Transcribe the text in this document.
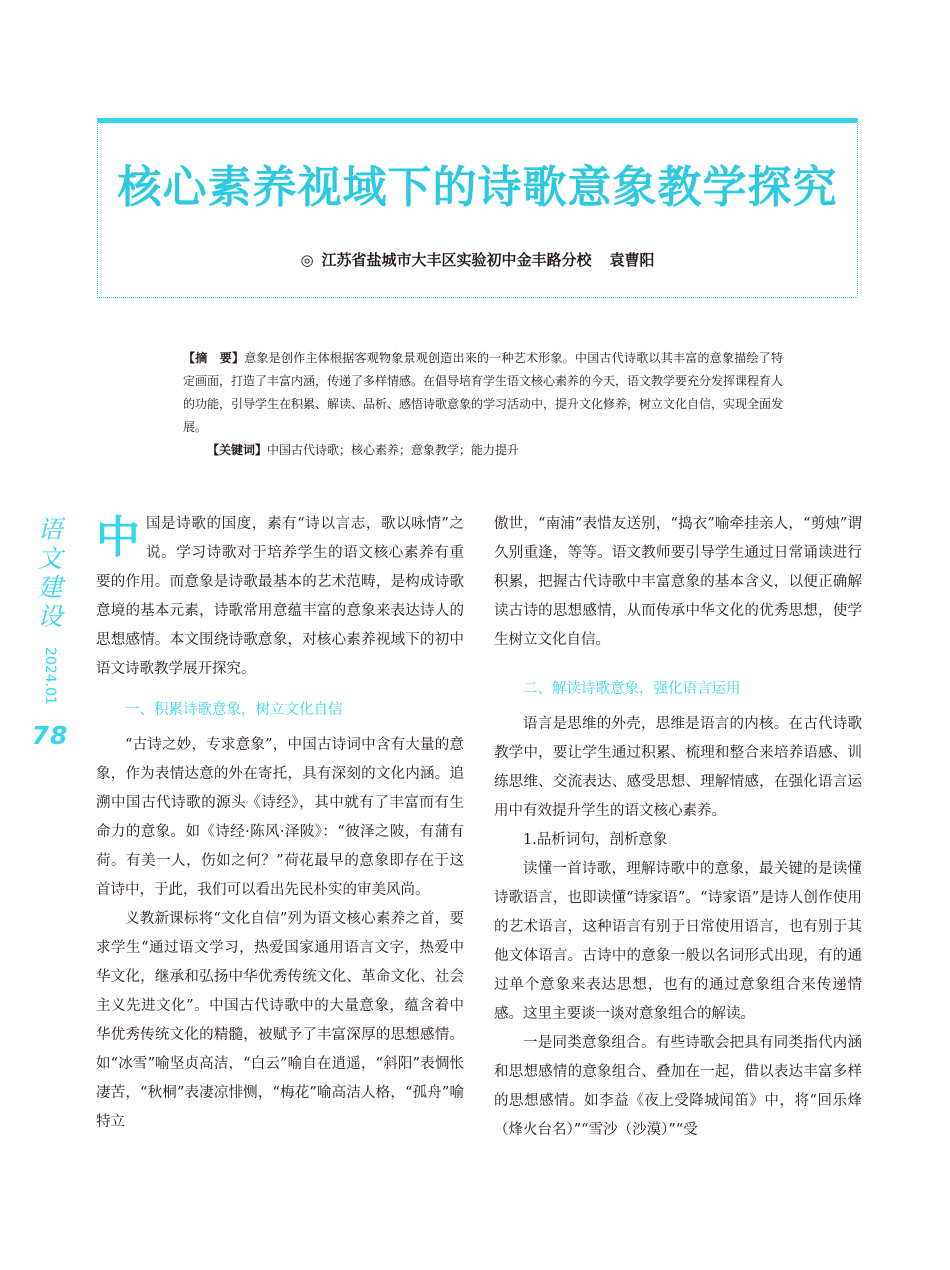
核心素养视域下的诗歌意象教学探究
◎ 江苏省盐城市大丰区实验初中金丰路分校 袁曹阳

【摘　要】意象是创作主体根据客观物象景观创造出来的一种艺术形象。中国古代诗歌以其丰富的意象描绘了特定画面，打造了丰富内涵，传递了多样情感。在倡导培育学生语文核心素养的今天，语文教学要充分发挥课程育人的功能，引导学生在积累、解读、品析、感悟诗歌意象的学习活动中，提升文化修养，树立文化自信，实现全面发展。

【关键词】中国古代诗歌；核心素养；意象教学；能力提升

语
文
建
设
2024.01
78

中国是诗歌的国度，素有“诗以言志，歌以咏情”之说。学习诗歌对于培养学生的语文核心素养有重要的作用。而意象是诗歌最基本的艺术范畴，是构成诗歌意境的基本元素，诗歌常用意蕴丰富的意象来表达诗人的思想感情。本文围绕诗歌意象，对核心素养视域下的初中语文诗歌教学展开探究。

一、积累诗歌意象，树立文化自信

“古诗之妙，专求意象”，中国古诗词中含有大量的意象，作为表情达意的外在寄托，具有深刻的文化内涵。追溯中国古代诗歌的源头《诗经》，其中就有了丰富而有生命力的意象。如《诗经·陈风·泽陂》：“彼泽之陂，有蒲有荷。有美一人，伤如之何？”荷花最早的意象即存在于这首诗中，于此，我们可以看出先民朴实的审美风尚。

义教新课标将“文化自信”列为语文核心素养之首，要求学生“通过语文学习，热爱国家通用语言文字，热爱中华文化，继承和弘扬中华优秀传统文化、革命文化、社会主义先进文化”。中国古代诗歌中的大量意象，蕴含着中华优秀传统文化的精髓，被赋予了丰富深厚的思想感情。如“冰雪”喻坚贞高洁，“白云”喻自在逍遥，“斜阳”表惆怅凄苦，“秋桐”表凄凉悱恻，“梅花”喻高洁人格，“孤舟”喻特立

傲世，“南浦”表惜友送别，“捣衣”喻牵挂亲人，“剪烛”谓久别重逢，等等。语文教师要引导学生通过日常诵读进行积累，把握古代诗歌中丰富意象的基本含义，以便正确解读古诗的思想感情，从而传承中华文化的优秀思想，使学生树立文化自信。

二、解读诗歌意象，强化语言运用

语言是思维的外壳，思维是语言的内核。在古代诗歌教学中，要让学生通过积累、梳理和整合来培养语感、训练思维、交流表达、感受思想、理解情感，在强化语言运用中有效提升学生的语文核心素养。

1.品析词句，剖析意象

读懂一首诗歌，理解诗歌中的意象，最关键的是读懂诗歌语言，也即读懂“诗家语”。“诗家语”是诗人创作使用的艺术语言，这种语言有别于日常使用语言，也有别于其他文体语言。古诗中的意象一般以名词形式出现，有的通过单个意象来表达思想，也有的通过意象组合来传递情感。这里主要谈一谈对意象组合的解读。

一是同类意象组合。有些诗歌会把具有同类指代内涵和思想感情的意象组合、叠加在一起，借以表达丰富多样的思想感情。如李益《夜上受降城闻笛》中，将“回乐烽（烽火台名）”“雪沙（沙漠）”“受
